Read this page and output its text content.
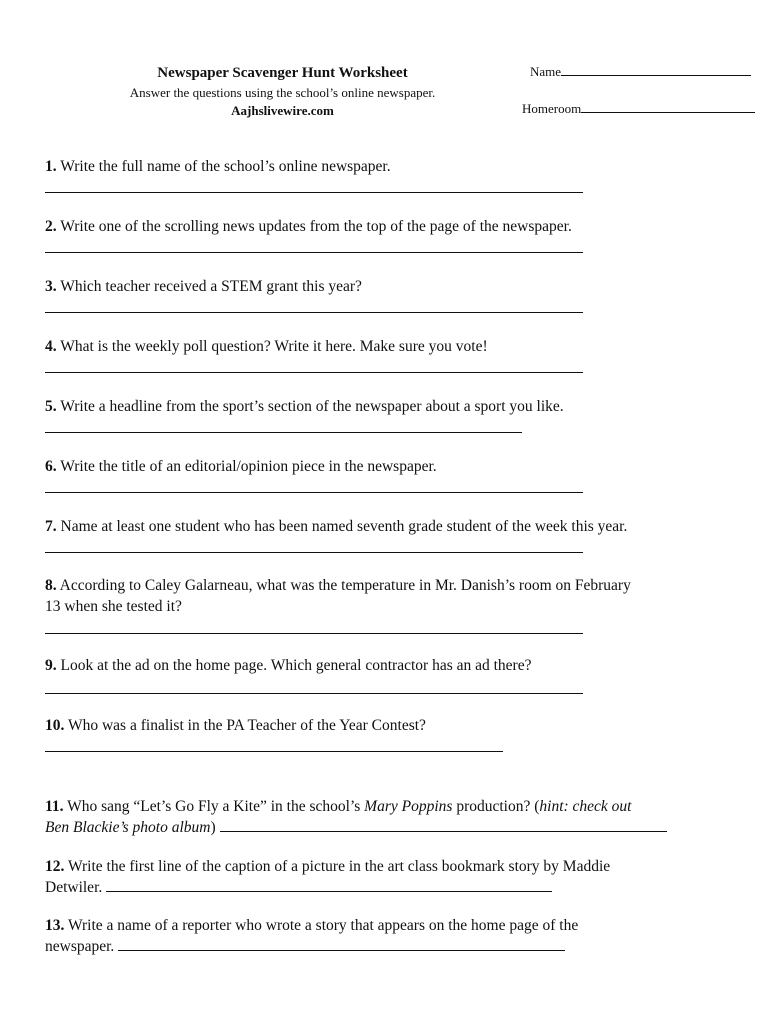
Newspaper Scavenger Hunt Worksheet
Answer the questions using the school’s online newspaper.
Aajhslivewire.com
Name
Homeroom
1. Write the full name of the school’s online newspaper.
2. Write one of the scrolling news updates from the top of the page of the newspaper.
3. Which teacher received a STEM grant this year?
4. What is the weekly poll question? Write it here. Make sure you vote!
5. Write a headline from the sport’s section of the newspaper about a sport you like.
6. Write the title of an editorial/opinion piece in the newspaper.
7. Name at least one student who has been named seventh grade student of the week this year.
8. According to Caley Galarneau, what was the temperature in Mr. Danish’s room on February
13 when she tested it?
9. Look at the ad on the home page. Which general contractor has an ad there?
10. Who was a finalist in the PA Teacher of the Year Contest?
11. Who sang “Let’s Go Fly a Kite” in the school’s Mary Poppins production? (hint: check out
Ben Blackie’s photo album)
12. Write the first line of the caption of a picture in the art class bookmark story by Maddie
Detwiler.
13. Write a name of a reporter who wrote a story that appears on the home page of the
newspaper.
